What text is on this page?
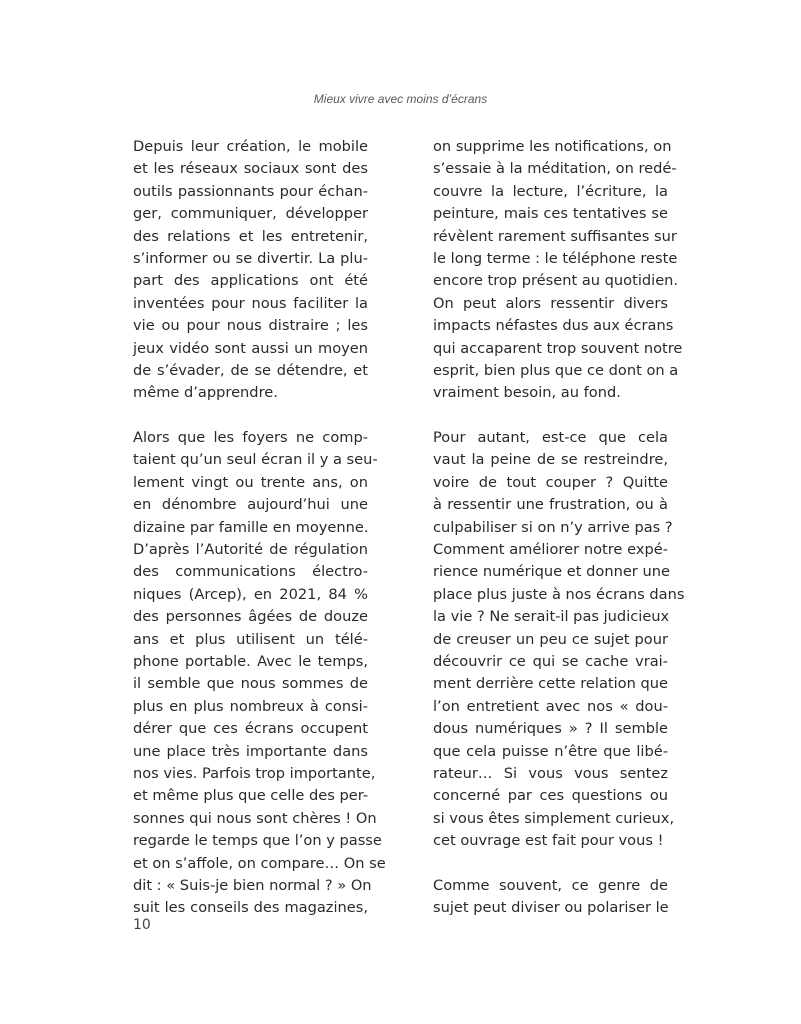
Mieux vivre avec moins d’écrans
Depuis leur création, le mobile
et les réseaux sociaux sont des
outils passionnants pour échan-
ger, communiquer, développer
des relations et les entretenir,
s’informer ou se divertir. La plu-
part des applications ont été
inventées pour nous faciliter la
vie ou pour nous distraire ; les
jeux vidéo sont aussi un moyen
de s’évader, de se détendre, et
même d’apprendre.
Alors que les foyers ne comp-
taient qu’un seul écran il y a seu-
lement vingt ou trente ans, on
en dénombre aujourd’hui une
dizaine par famille en moyenne.
D’après l’Autorité de régulation
des communications électro-
niques (Arcep), en 2021, 84 %
des personnes âgées de douze
ans et plus utilisent un télé-
phone portable. Avec le temps,
il semble que nous sommes de
plus en plus nombreux à consi-
dérer que ces écrans occupent
une place très importante dans
nos vies. Parfois trop importante,
et même plus que celle des per-
sonnes qui nous sont chères ! On
regarde le temps que l’on y passe
et on s’affole, on compare… On se
dit : « Suis-je bien normal ? » On
suit les conseils des magazines,
on supprime les notifications, on
s’essaie à la méditation, on redé-
couvre la lecture, l’écriture, la
peinture, mais ces tentatives se
révèlent rarement suffisantes sur
le long terme : le téléphone reste
encore trop présent au quotidien.
On peut alors ressentir divers
impacts néfastes dus aux écrans
qui accaparent trop souvent notre
esprit, bien plus que ce dont on a
vraiment besoin, au fond.
Pour autant, est-ce que cela
vaut la peine de se restreindre,
voire de tout couper ? Quitte
à ressentir une frustration, ou à
culpabiliser si on n’y arrive pas ?
Comment améliorer notre expé-
rience numérique et donner une
place plus juste à nos écrans dans
la vie ? Ne serait-il pas judicieux
de creuser un peu ce sujet pour
découvrir ce qui se cache vrai-
ment derrière cette relation que
l’on entretient avec nos « dou-
dous numériques » ? Il semble
que cela puisse n’être que libé-
rateur… Si vous vous sentez
concerné par ces questions ou
si vous êtes simplement curieux,
cet ouvrage est fait pour vous !
Comme souvent, ce genre de
sujet peut diviser ou polariser le
10
